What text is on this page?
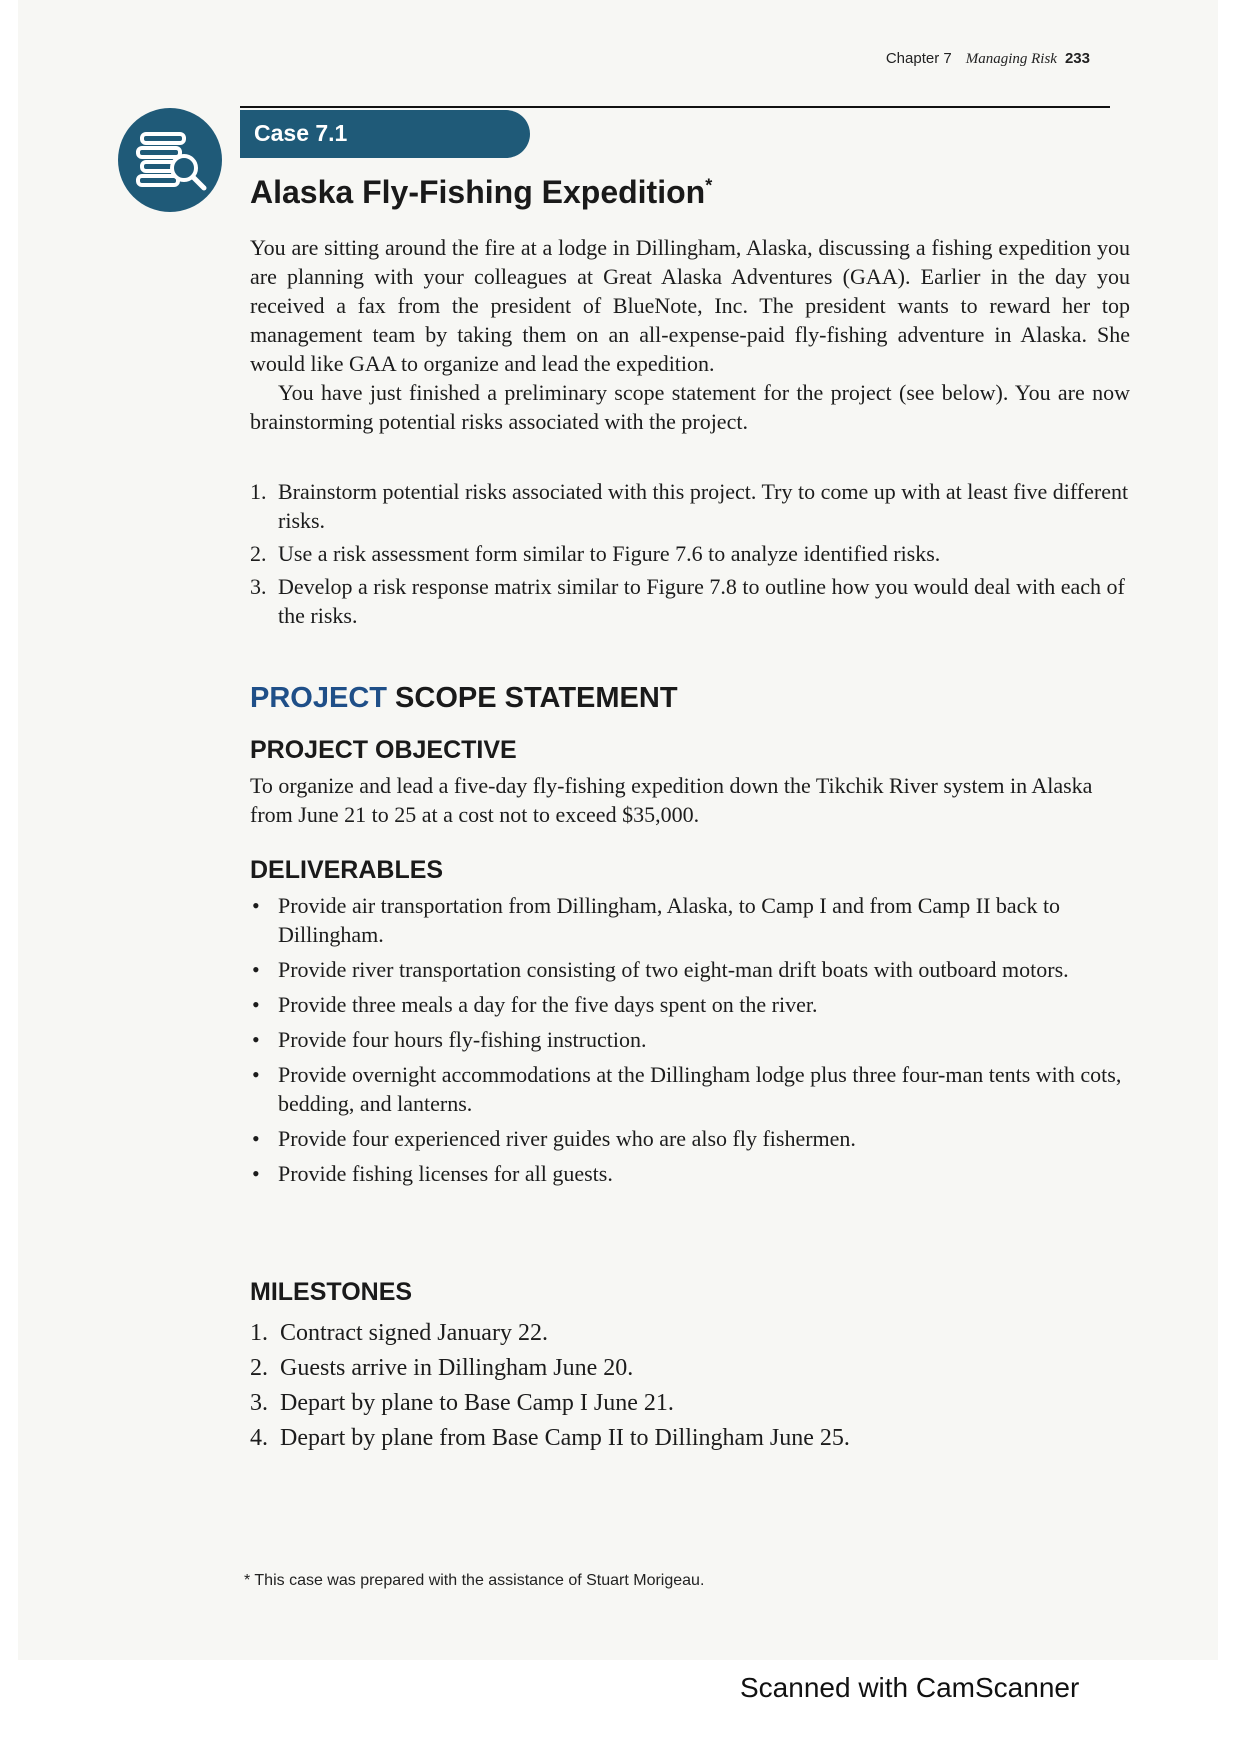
Chapter 7 Managing Risk 233
Case 7.1
Alaska Fly-Fishing Expedition*

You are sitting around the fire at a lodge in Dillingham, Alaska, discussing a fishing expedition you are planning with your colleagues at Great Alaska Adventures (GAA). Earlier in the day you received a fax from the president of BlueNote, Inc. The president wants to reward her top management team by taking them on an all-expense-paid fly-fishing adventure in Alaska. She would like GAA to organize and lead the expedition.

You have just finished a preliminary scope statement for the project (see below). You are now brainstorming potential risks associated with the project.

1. Brainstorm potential risks associated with this project. Try to come up with at least five different risks.
2. Use a risk assessment form similar to Figure 7.6 to analyze identified risks.
3. Develop a risk response matrix similar to Figure 7.8 to outline how you would deal with each of the risks.
PROJECT SCOPE STATEMENT
PROJECT OBJECTIVE
To organize and lead a five-day fly-fishing expedition down the Tikchik River system in Alaska from June 21 to 25 at a cost not to exceed $35,000.
DELIVERABLES
• Provide air transportation from Dillingham, Alaska, to Camp I and from Camp II back to Dillingham.
• Provide river transportation consisting of two eight-man drift boats with outboard motors.
• Provide three meals a day for the five days spent on the river.
• Provide four hours fly-fishing instruction.
• Provide overnight accommodations at the Dillingham lodge plus three four-man tents with cots, bedding, and lanterns.
• Provide four experienced river guides who are also fly fishermen.
• Provide fishing licenses for all guests.
MILESTONES
1. Contract signed January 22.
2. Guests arrive in Dillingham June 20.
3. Depart by plane to Base Camp I June 21.
4. Depart by plane from Base Camp II to Dillingham June 25.
* This case was prepared with the assistance of Stuart Morigeau.
Scanned with CamScanner
